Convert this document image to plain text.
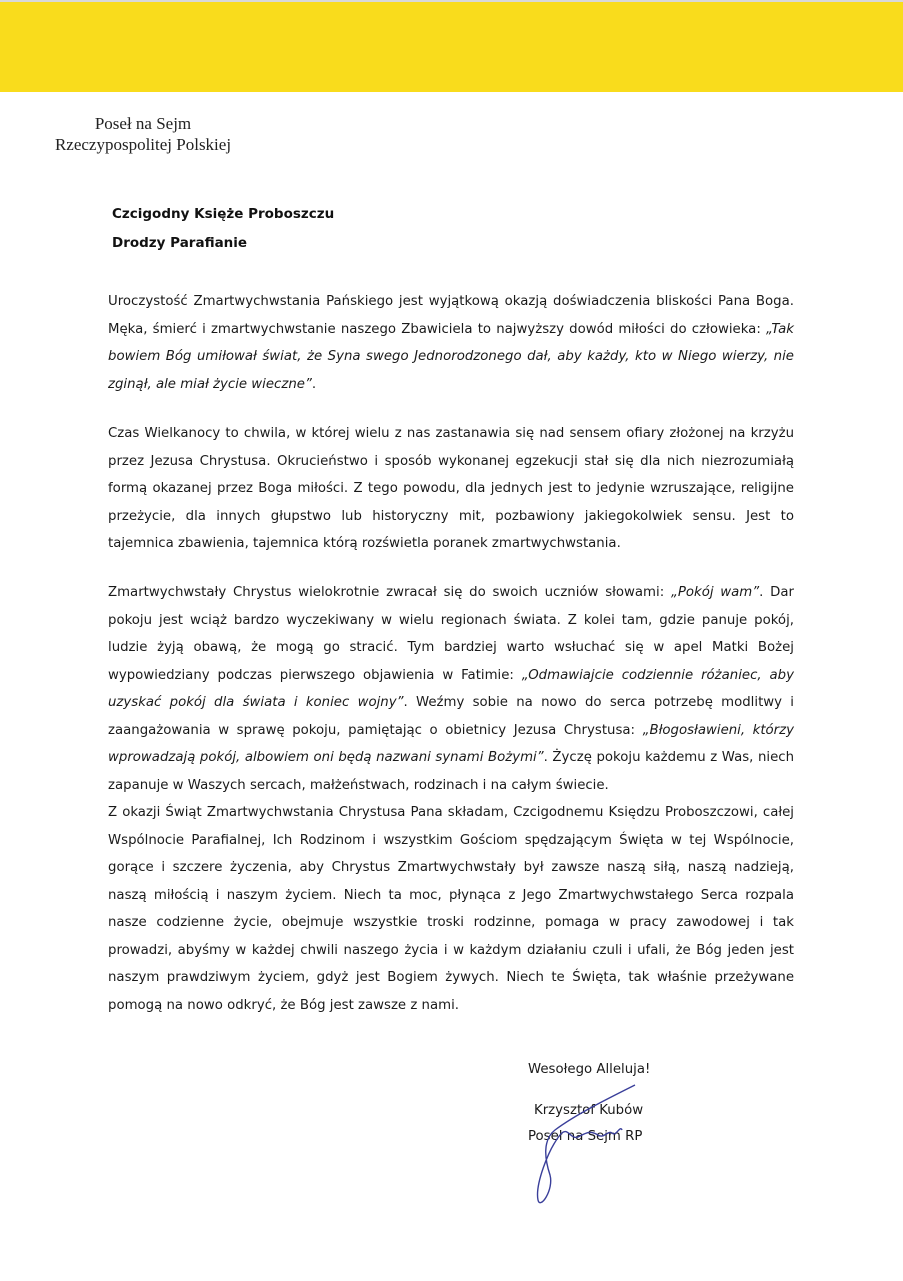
Poseł na Sejm
Rzeczypospolitej Polskiej
Czcigodny Księże Proboszczu
Drodzy Parafianie

Uroczystość Zmartwychwstania Pańskiego jest wyjątkową okazją doświadczenia bliskości Pana Boga. Męka, śmierć i zmartwychwstanie naszego Zbawiciela to najwyższy dowód miłości do człowieka: „Tak bowiem Bóg umiłował świat, że Syna swego Jednorodzonego dał, aby każdy, kto w Niego wierzy, nie zginął, ale miał życie wieczne”.

Czas Wielkanocy to chwila, w której wielu z nas zastanawia się nad sensem ofiary złożonej na krzyżu przez Jezusa Chrystusa. Okrucieństwo i sposób wykonanej egzekucji stał się dla nich niezrozumiałą formą okazanej przez Boga miłości. Z tego powodu, dla jednych jest to jedynie wzruszające, religijne przeżycie, dla innych głupstwo lub historyczny mit, pozbawiony jakiegokolwiek sensu. Jest to tajemnica zbawienia, tajemnica którą rozświetla poranek zmartwychwstania.

Zmartwychwstały Chrystus wielokrotnie zwracał się do swoich uczniów słowami: „Pokój wam”. Dar pokoju jest wciąż bardzo wyczekiwany w wielu regionach świata. Z kolei tam, gdzie panuje pokój, ludzie żyją obawą, że mogą go stracić. Tym bardziej warto wsłuchać się w apel Matki Bożej wypowiedziany podczas pierwszego objawienia w Fatimie: „Odmawiajcie codziennie różaniec, aby uzyskać pokój dla świata i koniec wojny”. Weźmy sobie na nowo do serca potrzebę modlitwy i zaangażowania w sprawę pokoju, pamiętając o obietnicy Jezusa Chrystusa: „Błogosławieni, którzy wprowadzają pokój, albowiem oni będą nazwani synami Bożymi”. Życzę pokoju każdemu z Was, niech zapanuje w Waszych sercach, małżeństwach, rodzinach i na całym świecie.

Z okazji Świąt Zmartwychwstania Chrystusa Pana składam, Czcigodnemu Księdzu Proboszczowi, całej Wspólnocie Parafialnej, Ich Rodzinom i wszystkim Gościom spędzającym Święta w tej Wspólnocie, gorące i szczere życzenia, aby Chrystus Zmartwychwstały był zawsze naszą siłą, naszą nadzieją, naszą miłością i naszym życiem. Niech ta moc, płynąca z Jego Zmartwychwstałego Serca rozpala nasze codzienne życie, obejmuje wszystkie troski rodzinne, pomaga w pracy zawodowej i tak prowadzi, abyśmy w każdej chwili naszego życia i w każdym działaniu czuli i ufali, że Bóg jeden jest naszym prawdziwym życiem, gdyż jest Bogiem żywych. Niech te Święta, tak właśnie przeżywane pomogą na nowo odkryć, że Bóg jest zawsze z nami.

Wesołego Alleluja!
Krzysztof Kubów
Poseł na Sejm RP
